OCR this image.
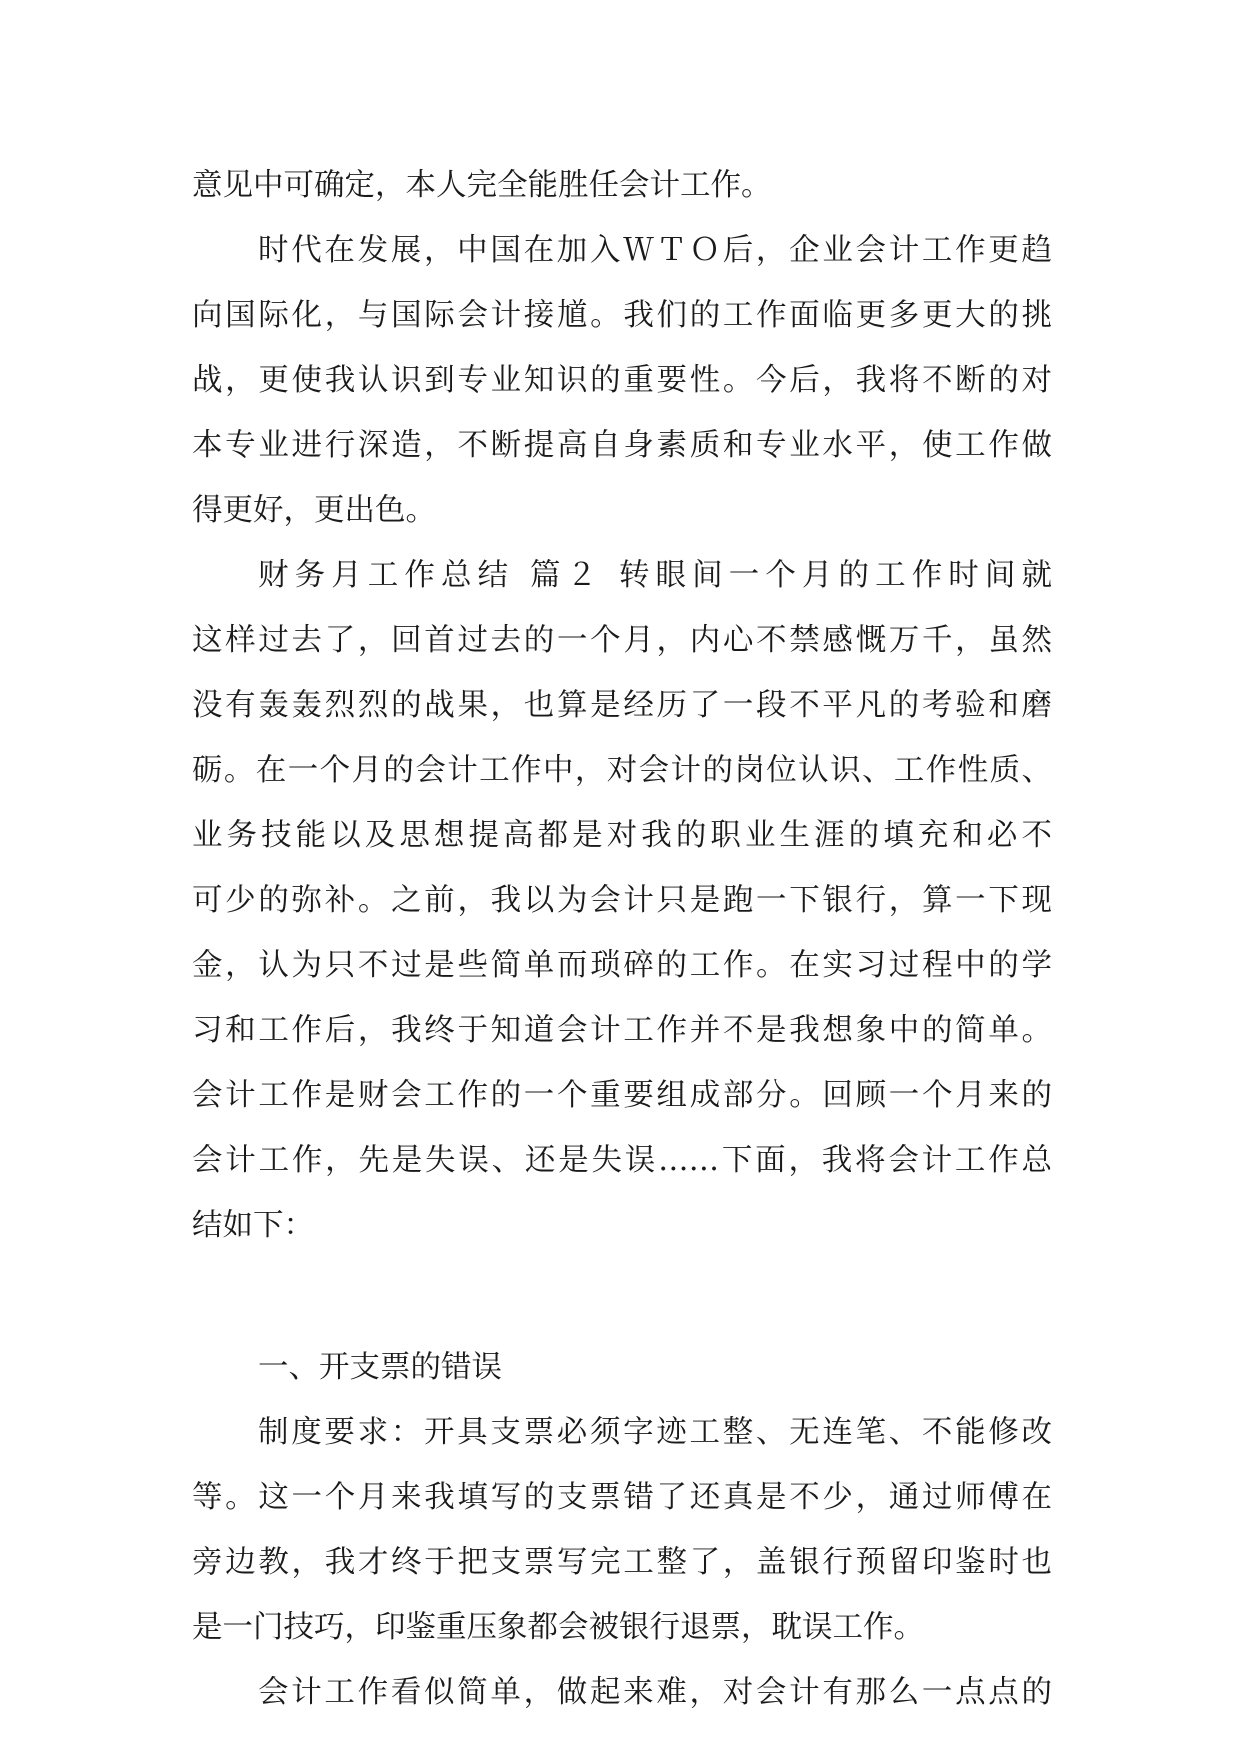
意见中可确定，本人完全能胜任会计工作。
时代在发展，中国在加入ＷＴＯ后，企业会计工作更趋
向国际化，与国际会计接馗。我们的工作面临更多更大的挑
战，更使我认识到专业知识的重要性。今后，我将不断的对
本专业进行深造，不断提高自身素质和专业水平，使工作做
得更好，更出色。
财务月工作总结 篇２ 转眼间一个月的工作时间就
这样过去了，回首过去的一个月，内心不禁感慨万千，虽然
没有轰轰烈烈的战果，也算是经历了一段不平凡的考验和磨
砺。在一个月的会计工作中，对会计的岗位认识、工作性质、
业务技能以及思想提高都是对我的职业生涯的填充和必不
可少的弥补。之前，我以为会计只是跑一下银行，算一下现
金，认为只不过是些简单而琐碎的工作。在实习过程中的学
习和工作后，我终于知道会计工作并不是我想象中的简单。
会计工作是财会工作的一个重要组成部分。回顾一个月来的
会计工作，先是失误、还是失误……下面，我将会计工作总
结如下：
一、开支票的错误
制度要求：开具支票必须字迹工整、无连笔、不能修改
等。这一个月来我填写的支票错了还真是不少，通过师傅在
旁边教，我才终于把支票写完工整了，盖银行预留印鉴时也
是一门技巧，印鉴重压象都会被银行退票，耽误工作。
会计工作看似简单，做起来难，对会计有那么一点点的
